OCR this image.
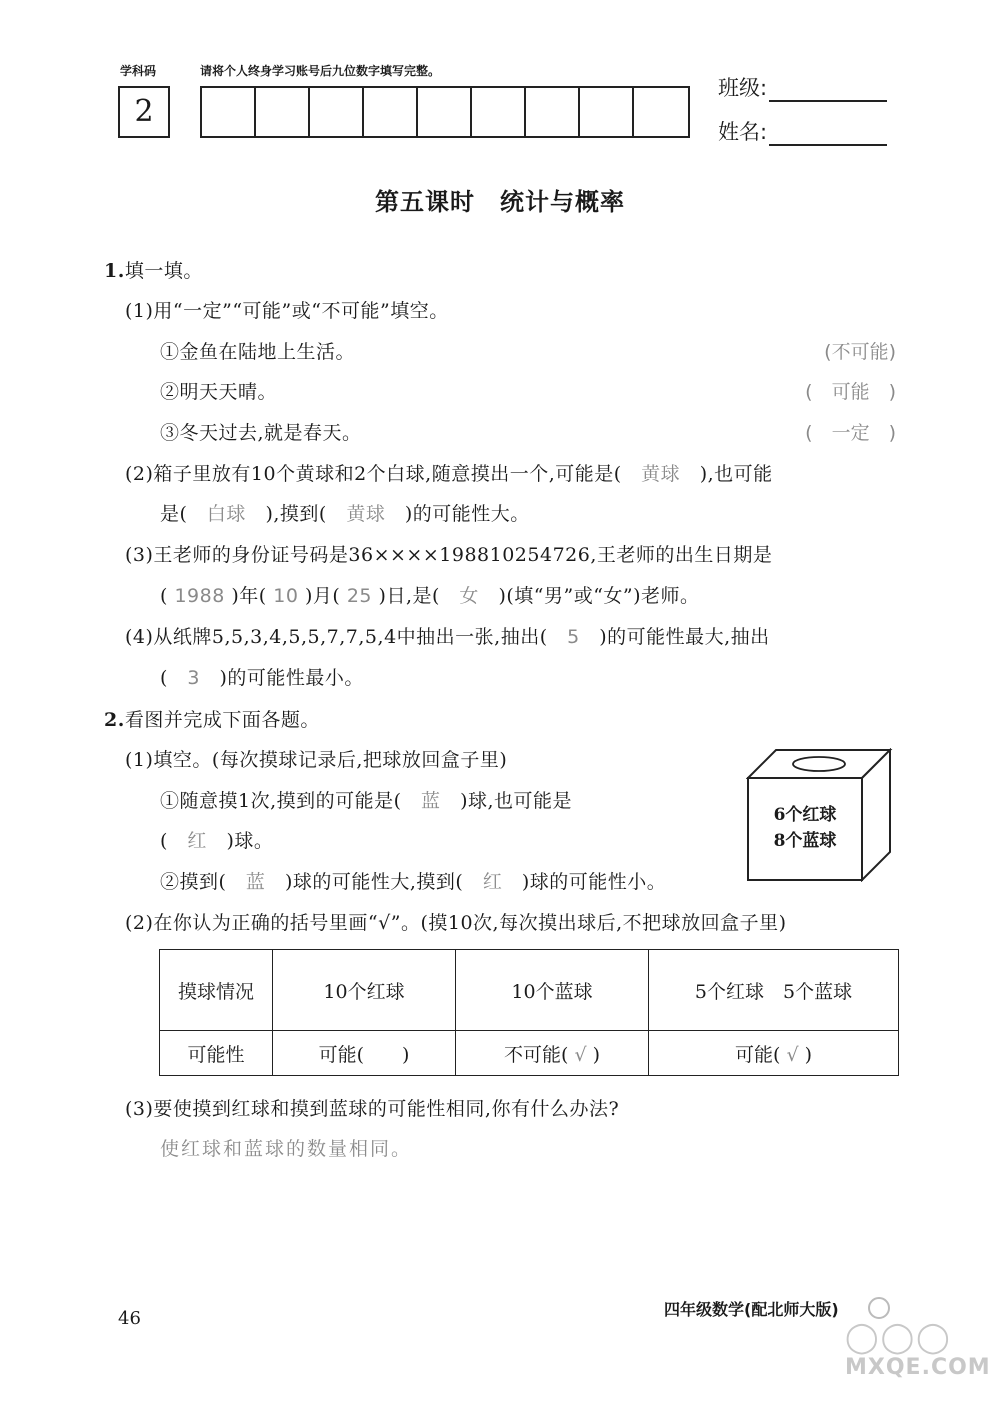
学科码	请将个人终身学习账号后九位数字填写完整。
2
班级:
姓名:
第五课时　统计与概率
1.填一填。
(1)用“一定”“可能”或“不可能”填空。
①金鱼在陆地上生活。	(不可能)
②明天天晴。	(　可能　)
③冬天过去,就是春天。	(　一定　)
(2)箱子里放有10个黄球和2个白球,随意摸出一个,可能是(　黄球　),也可能
是(　白球　),摸到(　黄球　)的可能性大。
(3)王老师的身份证号码是36××××198810254726,王老师的出生日期是
( 1988 )年( 10 )月( 25 )日,是(　女　)(填“男”或“女”)老师。
(4)从纸牌5,5,3,4,5,5,7,7,5,4中抽出一张,抽出(　5　)的可能性最大,抽出
(　3　)的可能性最小。
2.看图并完成下面各题。
(1)填空。(每次摸球记录后,把球放回盒子里)
①随意摸1次,摸到的可能是(　蓝　)球,也可能是
(　红　)球。
②摸到(　蓝　)球的可能性大,摸到(　红　)球的可能性小。
6个红球
8个蓝球
(2)在你认为正确的括号里画“√”。(摸10次,每次摸出球后,不把球放回盒子里)
摸球情况	10个红球	10个蓝球	5个红球　5个蓝球
可能性	可能(　　 )	不可能( √ )	可能( √ )
(3)要使摸到红球和摸到蓝球的可能性相同,你有什么办法?
使红球和蓝球的数量相同。
46	四年级数学(配北师大版)
◯◯◯
MXQE.COM
